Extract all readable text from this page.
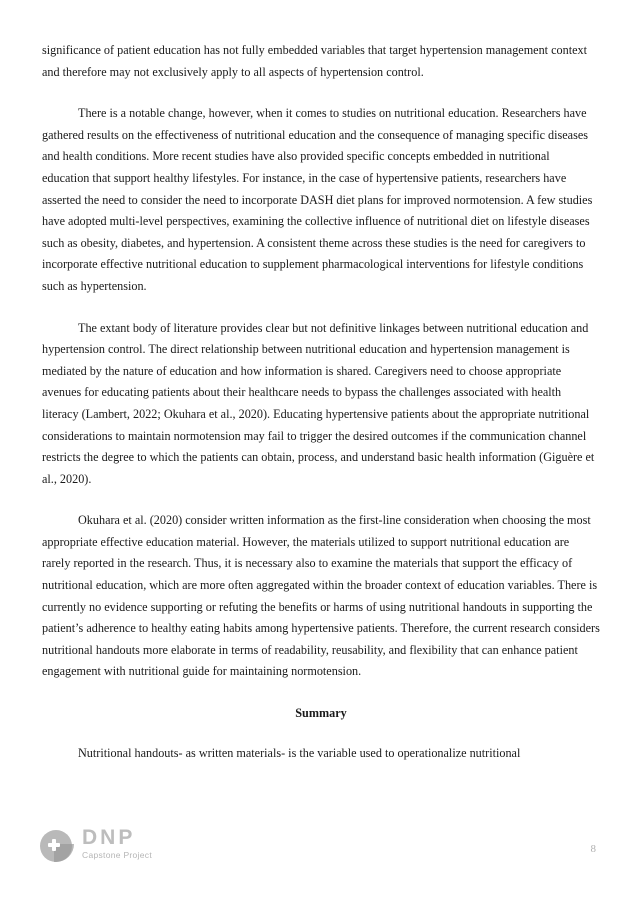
significance of patient education has not fully embedded variables that target hypertension management context and therefore may not exclusively apply to all aspects of hypertension control.

There is a notable change, however, when it comes to studies on nutritional education. Researchers have gathered results on the effectiveness of nutritional education and the consequence of managing specific diseases and health conditions. More recent studies have also provided specific concepts embedded in nutritional education that support healthy lifestyles. For instance, in the case of hypertensive patients, researchers have asserted the need to consider the need to incorporate DASH diet plans for improved normotension. A few studies have adopted multi-level perspectives, examining the collective influence of nutritional diet on lifestyle diseases such as obesity, diabetes, and hypertension. A consistent theme across these studies is the need for caregivers to incorporate effective nutritional education to supplement pharmacological interventions for lifestyle conditions such as hypertension.

The extant body of literature provides clear but not definitive linkages between nutritional education and hypertension control. The direct relationship between nutritional education and hypertension management is mediated by the nature of education and how information is shared. Caregivers need to choose appropriate avenues for educating patients about their healthcare needs to bypass the challenges associated with health literacy (Lambert, 2022; Okuhara et al., 2020). Educating hypertensive patients about the appropriate nutritional considerations to maintain normotension may fail to trigger the desired outcomes if the communication channel restricts the degree to which the patients can obtain, process, and understand basic health information (Giguère et al., 2020).

Okuhara et al. (2020) consider written information as the first-line consideration when choosing the most appropriate effective education material. However, the materials utilized to support nutritional education are rarely reported in the research. Thus, it is necessary also to examine the materials that support the efficacy of nutritional education, which are more often aggregated within the broader context of education variables. There is currently no evidence supporting or refuting the benefits or harms of using nutritional handouts in supporting the patient’s adherence to healthy eating habits among hypertensive patients. Therefore, the current research considers nutritional handouts more elaborate in terms of readability, reusability, and flexibility that can enhance patient engagement with nutritional guide for maintaining normotension.

Summary

Nutritional handouts- as written materials- is the variable used to operationalize nutritional

DNP
Capstone Project	8
